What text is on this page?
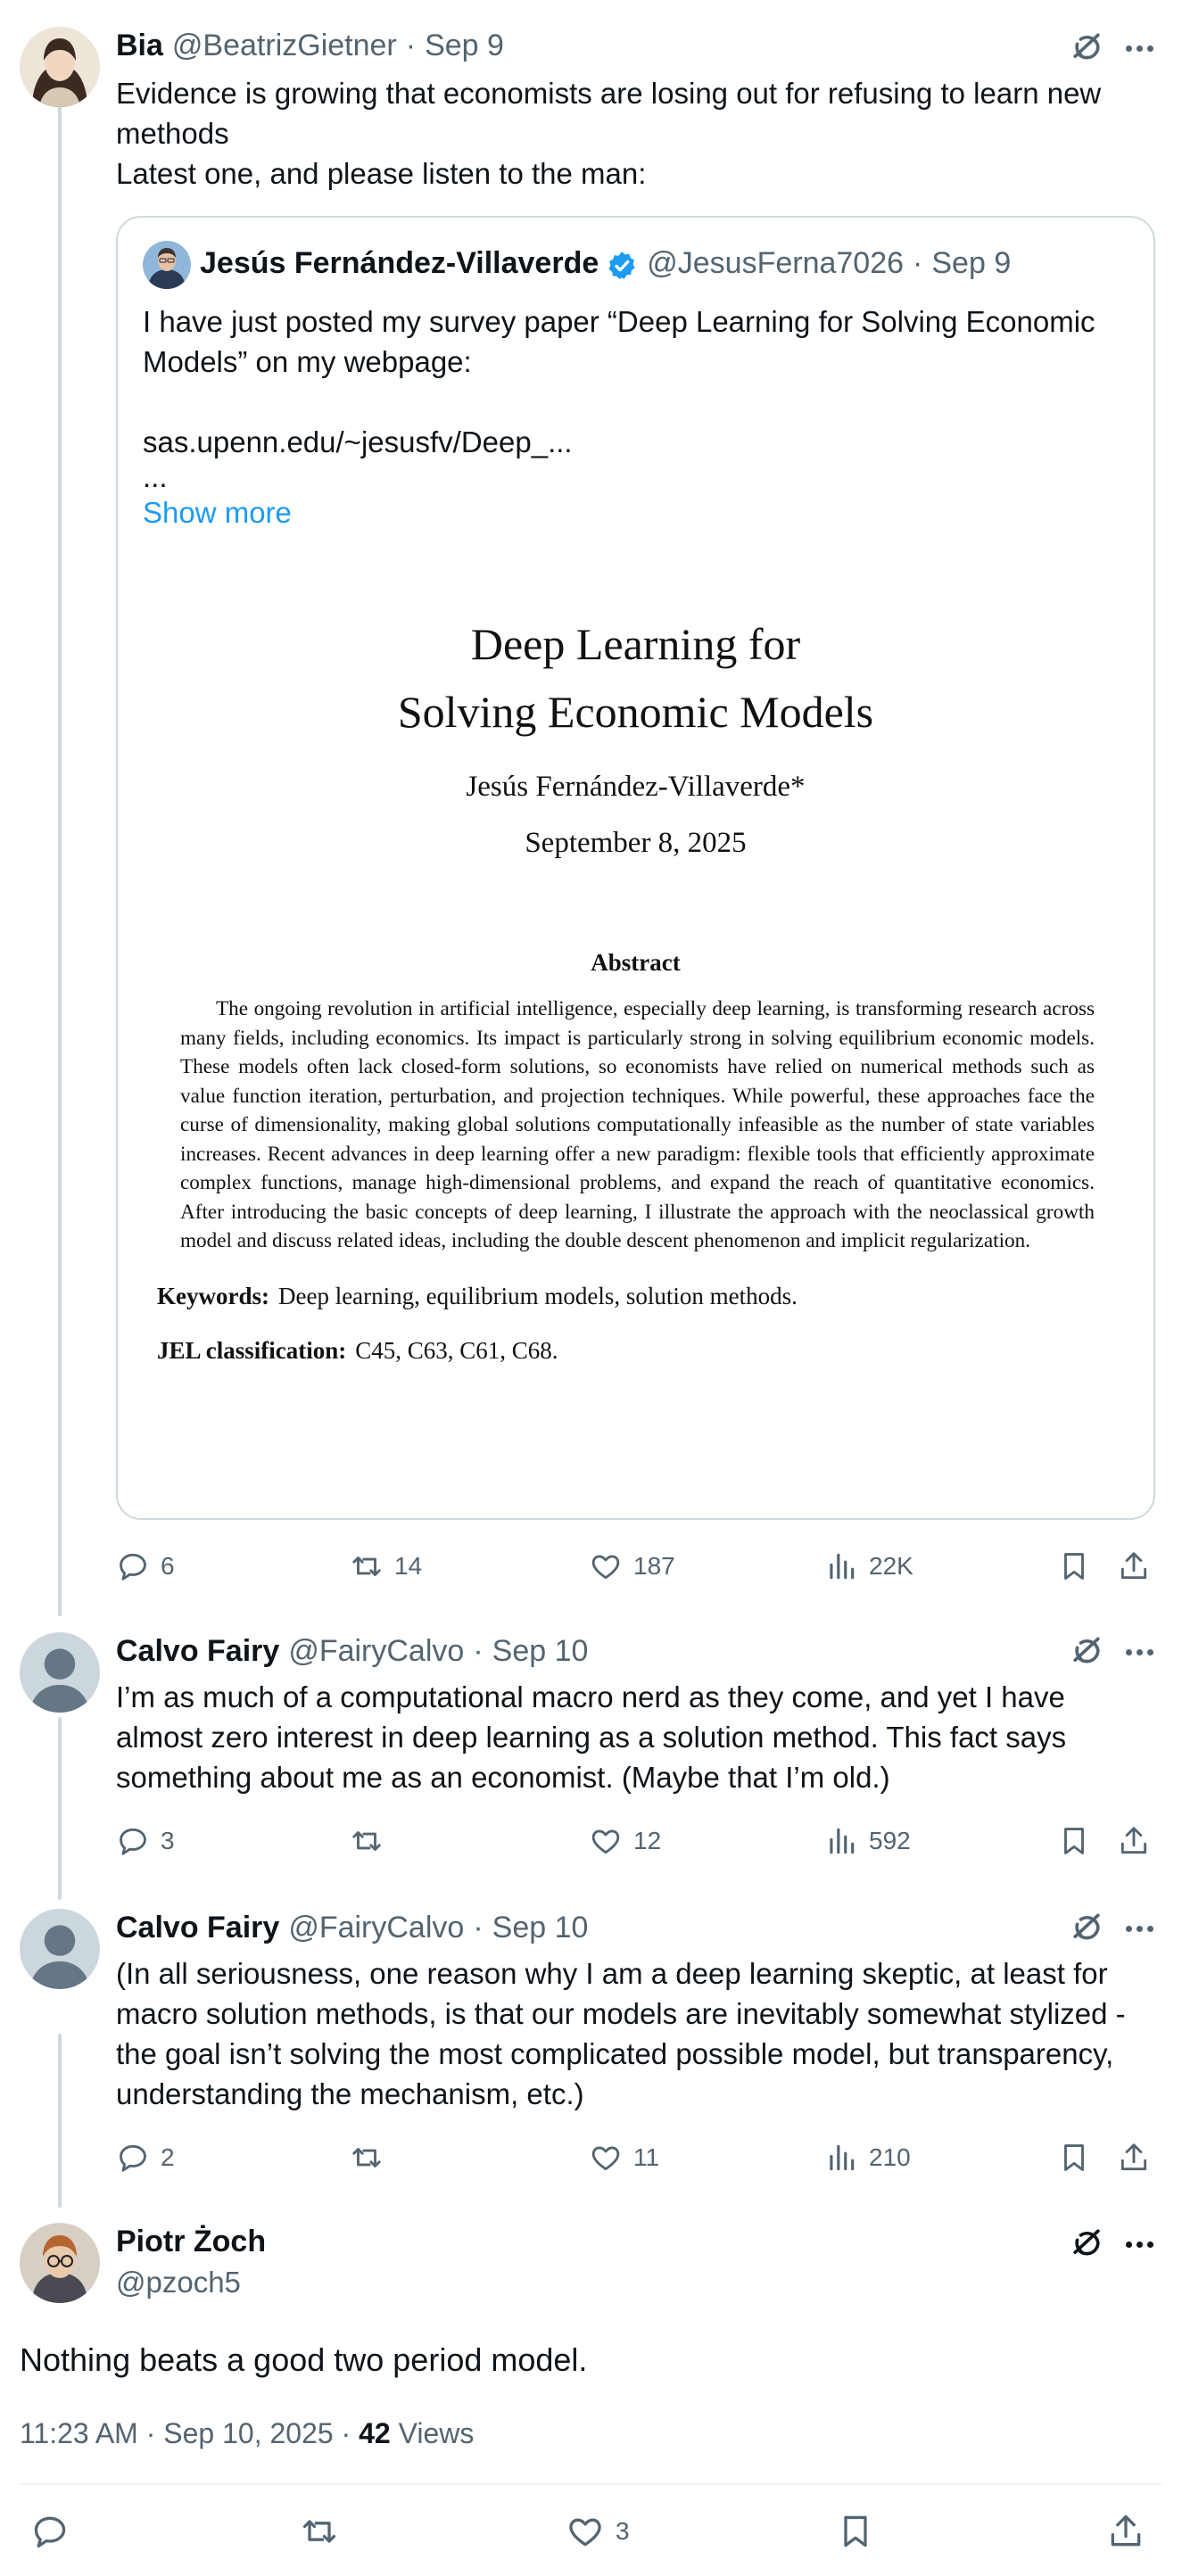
Bia @BeatrizGietner · Sep 9
Evidence is growing that economists are losing out for refusing to learn new
methods
Latest one, and please listen to the man:
Jesús Fernández-Villaverde @JesusFerna7026 · Sep 9
I have just posted my survey paper “Deep Learning for Solving Economic
Models” on my webpage:
sas.upenn.edu/~jesusfv/Deep_...
...
Show more
Deep Learning for
Solving Economic Models
Jesús Fernández-Villaverde*
September 8, 2025
Abstract
The ongoing revolution in artificial intelligence, especially deep learning, is transforming research across many fields, including economics. Its impact is particularly strong in solving equilibrium economic models. These models often lack closed-form solutions, so economists have relied on numerical methods such as value function iteration, perturbation, and projection techniques. While powerful, these approaches face the curse of dimensionality, making global solutions computationally infeasible as the number of state variables increases. Recent advances in deep learning offer a new paradigm: flexible tools that efficiently approximate complex functions, manage high-dimensional problems, and expand the reach of quantitative economics. After introducing the basic concepts of deep learning, I illustrate the approach with the neoclassical growth model and discuss related ideas, including the double descent phenomenon and implicit regularization.
Keywords: Deep learning, equilibrium models, solution methods.
JEL classification: C45, C63, C61, C68.
6	14	187	22K
Calvo Fairy @FairyCalvo · Sep 10
I’m as much of a computational macro nerd as they come, and yet I have
almost zero interest in deep learning as a solution method. This fact says
something about me as an economist. (Maybe that I’m old.)
3	12	592
Calvo Fairy @FairyCalvo · Sep 10
(In all seriousness, one reason why I am a deep learning skeptic, at least for
macro solution methods, is that our models are inevitably somewhat stylized -
the goal isn’t solving the most complicated possible model, but transparency,
understanding the mechanism, etc.)
2	11	210
Piotr Żoch
@pzoch5
Nothing beats a good two period model.
11:23 AM · Sep 10, 2025 · 42 Views
3
